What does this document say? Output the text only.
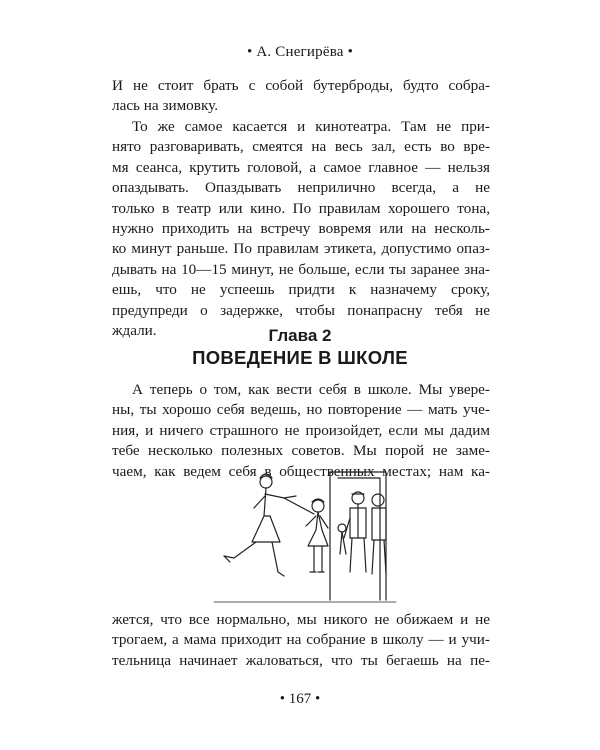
• А. Снегирёва •
И не стоит брать с собой бутерброды, будто собра-
лась на зимовку.
То же самое касается и кинотеатра. Там не при-
нято разговаривать, смеятся на весь зал, есть во вре-
мя сеанса, крутить головой, а самое главное — нельзя
опаздывать. Опаздывать неприлично всегда, а не
только в театр или кино. По правилам хорошего тона,
нужно приходить на встречу вовремя или на несколь-
ко минут раньше. По правилам этикета, допустимо опаз-
дывать на 10—15 минут, не больше, если ты заранее зна-
ешь, что не успеешь придти к назначему сроку,
предупреди о задержке, чтобы понапрасну тебя не
ждали.	Глава 2
ПОВЕДЕНИЕ В ШКОЛЕ
А теперь о том, как вести себя в школе. Мы уверe-
ны, ты хорошо себя ведешь, но повторение — мать уче-
ния, и ничего страшного не произойдет, если мы дадим
тебе несколько полезных советов. Мы порой не заме-
чаем, как ведем себя в общественных местах; нам ка-
жется, что все нормально, мы никого не обижаем и не
трогаем, а мама приходит на собрание в школу — и учи-
тельница начинает жаловаться, что ты бегаешь на пе-
• 167 •
